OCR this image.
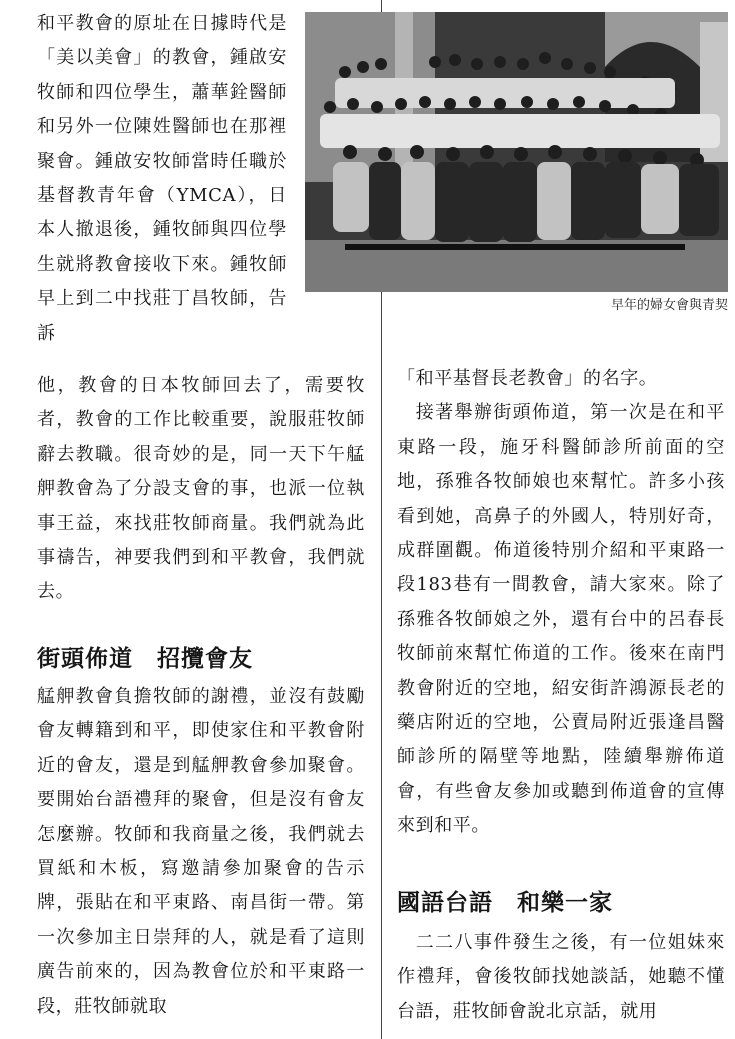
和平教會的原址在日據時代是「美以美會」的教會，鍾啟安牧師和四位學生，蕭華銓醫師和另外一位陳姓醫師也在那裡聚會。鍾啟安牧師當時任職於基督教青年會（YMCA），日本人撤退後，鍾牧師與四位學生就將教會接收下來。鍾牧師早上到二中找莊丁昌牧師，告訴

他，教會的日本牧師回去了，需要牧者，教會的工作比較重要，說服莊牧師辭去教職。很奇妙的是，同一天下午艋舺教會為了分設支會的事，也派一位執事王益，來找莊牧師商量。我們就為此事禱告，神要我們到和平教會，我們就去。

街頭佈道　招攬會友

艋舺教會負擔牧師的謝禮，並沒有鼓勵會友轉籍到和平，即使家住和平教會附近的會友，還是到艋舺教會參加聚會。要開始台語禮拜的聚會，但是沒有會友怎麼辦。牧師和我商量之後，我們就去買紙和木板，寫邀請參加聚會的告示牌，張貼在和平東路、南昌街一帶。第一次參加主日崇拜的人，就是看了這則廣告前來的，因為教會位於和平東路一段，莊牧師就取

早年的婦女會與青契

「和平基督長老教會」的名字。
接著舉辦街頭佈道，第一次是在和平東路一段，施牙科醫師診所前面的空地，孫雅各牧師娘也來幫忙。許多小孩看到她，高鼻子的外國人，特別好奇，成群圍觀。佈道後特別介紹和平東路一段183巷有一間教會，請大家來。除了孫雅各牧師娘之外，還有台中的呂春長牧師前來幫忙佈道的工作。後來在南門教會附近的空地，紹安街許鴻源長老的藥店附近的空地，公賣局附近張逢昌醫師診所的隔壁等地點，陸續舉辦佈道會，有些會友參加或聽到佈道會的宣傳來到和平。

國語台語　和樂一家

二二八事件發生之後，有一位姐妹來作禮拜，會後牧師找她談話，她聽不懂台語，莊牧師會說北京話，就用
